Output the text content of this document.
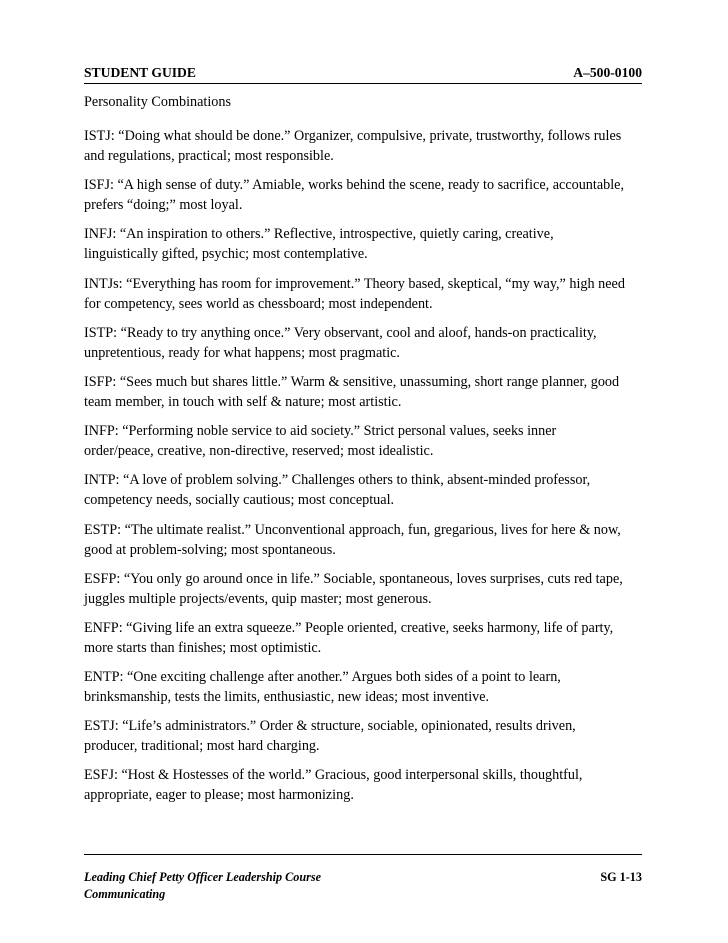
STUDENT GUIDE	A–500-0100
Personality Combinations
ISTJ: “Doing what should be done.” Organizer, compulsive, private, trustworthy, follows rules
and regulations, practical; most responsible.
ISFJ: “A high sense of duty.” Amiable, works behind the scene, ready to sacrifice, accountable,
prefers “doing;” most loyal.
INFJ: “An inspiration to others.” Reflective, introspective, quietly caring, creative,
linguistically gifted, psychic; most contemplative.
INTJs: “Everything has room for improvement.” Theory based, skeptical, “my way,” high need
for competency, sees world as chessboard; most independent.
ISTP: “Ready to try anything once.” Very observant, cool and aloof, hands-on practicality,
unpretentious, ready for what happens; most pragmatic.
ISFP: “Sees much but shares little.” Warm & sensitive, unassuming, short range planner, good
team member, in touch with self & nature; most artistic.
INFP: “Performing noble service to aid society.” Strict personal values, seeks inner
order/peace, creative, non-directive, reserved; most idealistic.
INTP: “A love of problem solving.” Challenges others to think, absent-minded professor,
competency needs, socially cautious; most conceptual.
ESTP: “The ultimate realist.” Unconventional approach, fun, gregarious, lives for here & now,
good at problem-solving; most spontaneous.
ESFP: “You only go around once in life.” Sociable, spontaneous, loves surprises, cuts red tape,
juggles multiple projects/events, quip master; most generous.
ENFP: “Giving life an extra squeeze.” People oriented, creative, seeks harmony, life of party,
more starts than finishes; most optimistic.
ENTP: “One exciting challenge after another.” Argues both sides of a point to learn,
brinksmanship, tests the limits, enthusiastic, new ideas; most inventive.
ESTJ: “Life’s administrators.” Order & structure, sociable, opinionated, results driven,
producer, traditional; most hard charging.
ESFJ: “Host & Hostesses of the world.” Gracious, good interpersonal skills, thoughtful,
appropriate, eager to please; most harmonizing.
Leading Chief Petty Officer Leadership Course
Communicating
SG 1-13
